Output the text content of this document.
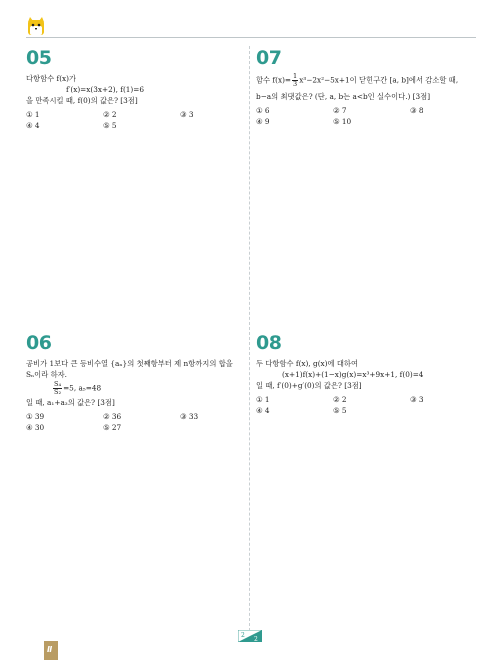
05
다항함수 f(x)가
f′(x)=x(3x+2), f(1)=6
을 만족시킬 때, f(0)의 값은? [3점]
① 1	② 2	③ 3
④ 4	⑤ 5
07
함수 $f(x)= \frac{1}{3} x^3-2x^2-5x+1$이 닫힌구간 [a, b]에서 감소할 때,
b−a의 최댓값은? (단, a, b는 a<b인 실수이다.) [3점]
① 6	② 7	③ 8
④ 9	⑤ 10
06
공비가 1보다 큰 등비수열 {aₙ}의 첫째항부터 제 n항까지의 합을
Sₙ이라 하자.
$\frac{\text{S₄}}{\text{S₂}} =5$, a₅=48
일 때, a₁+a₃의 값은? [3점]
① 39	② 36	③ 33
④ 30	⑤ 27
08
두 다항함수 f(x), g(x)에 대하여
(x+1)f(x)+(1−x)g(x)=x³+9x+1, f(0)=4
일 때, f′(0)+g′(0)의 값은? [3점]
① 1	② 2	③ 3
④ 4	⑤ 5
2
2
Ⅱ
